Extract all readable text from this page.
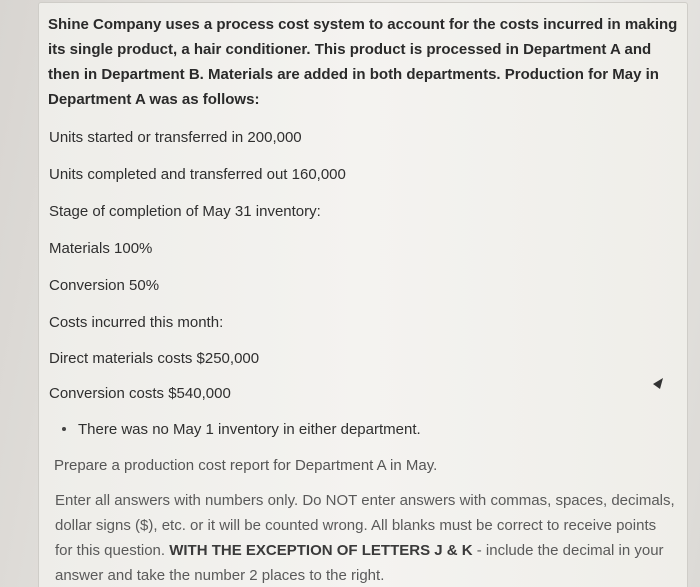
Shine Company uses a process cost system to account for the costs incurred in making its single product, a hair conditioner. This product is processed in Department A and then in Department B. Materials are added in both departments. Production for May in Department A was as follows:

Units started or transferred in 200,000

Units completed and transferred out 160,000

Stage of completion of May 31 inventory:

Materials 100%

Conversion 50%

Costs incurred this month:

Direct materials costs $250,000

Conversion costs $540,000

There was no May 1 inventory in either department.

Prepare a production cost report for Department A in May.

Enter all answers with numbers only. Do NOT enter answers with commas, spaces, decimals, dollar signs ($), etc. or it will be counted wrong. All blanks must be correct to receive points for this question. WITH THE EXCEPTION OF LETTERS J & K - include the decimal in your answer and take the number 2 places to the right.
